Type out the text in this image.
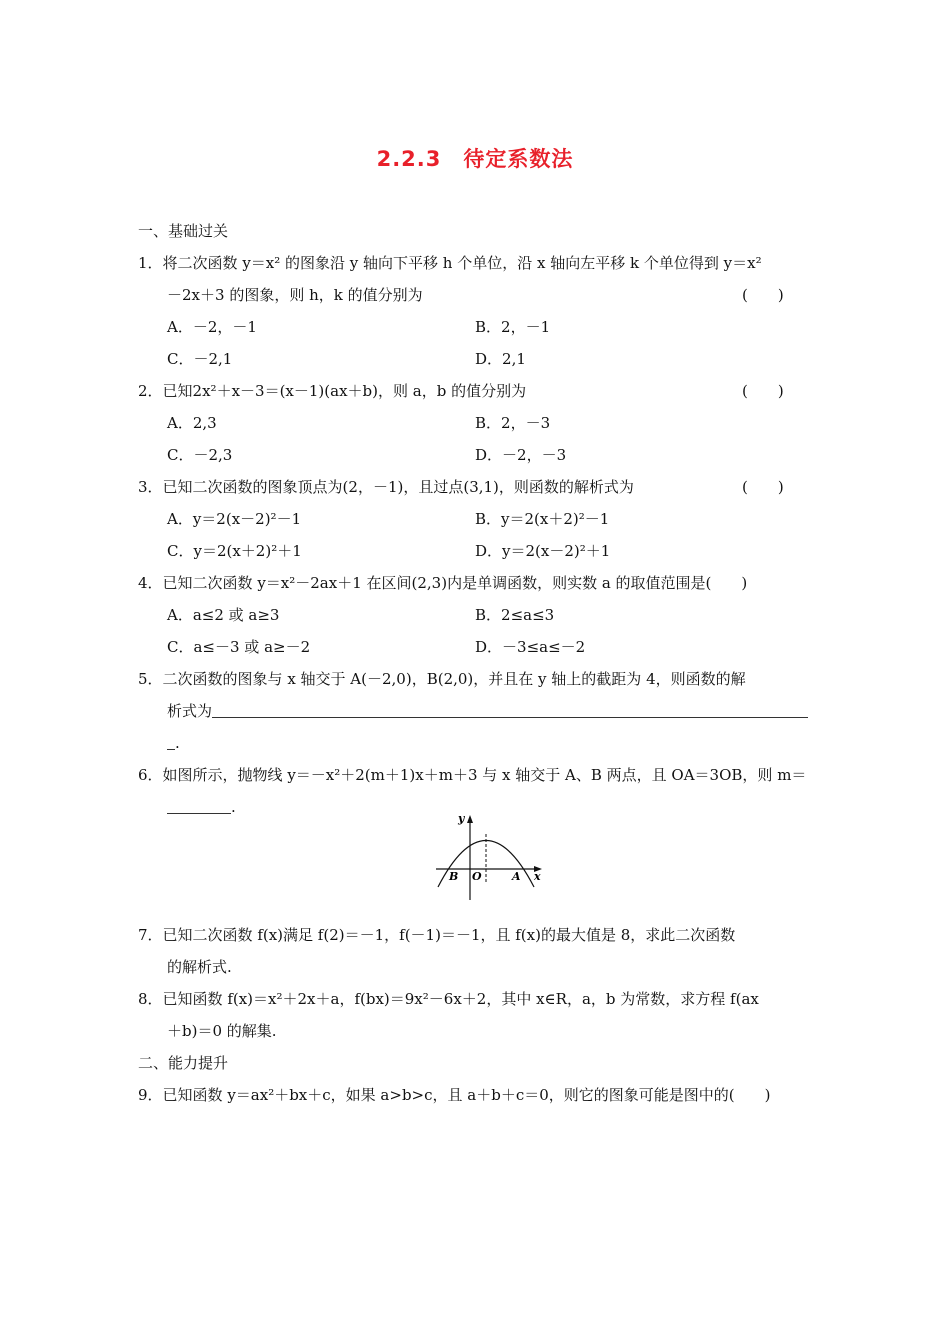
2.2.3 待定系数法
一、基础过关
1．将二次函数 y＝x² 的图象沿 y 轴向下平移 h 个单位，沿 x 轴向左平移 k 个单位得到 y＝x²
－2x＋3 的图象，则 h，k 的值分别为	(　　)
A．－2，－1	B．2，－1
C．－2,1	D．2,1
2．已知2x²＋x－3＝(x－1)(ax＋b)，则 a，b 的值分别为	(　　)
A．2,3	B．2，－3
C．－2,3	D．－2，－3
3．已知二次函数的图象顶点为(2，－1)，且过点(3,1)，则函数的解析式为	(　　)
A．y＝2(x－2)²－1	B．y＝2(x＋2)²－1
C．y＝2(x＋2)²＋1	D．y＝2(x－2)²＋1
4．已知二次函数 y＝x²－2ax＋1 在区间(2,3)内是单调函数，则实数 a 的取值范围是(　　)
A．a≤2 或 a≥3	B．2≤a≤3
C．a≤－3 或 a≥－2	D．－3≤a≤－2
5．二次函数的图象与 x 轴交于 A(－2,0)，B(2,0)，并且在 y 轴上的截距为 4，则函数的解
析式为
.
6．如图所示，抛物线 y＝－x²＋2(m＋1)x＋m＋3 与 x 轴交于 A、B 两点，且 OA＝3OB，则 m＝
.
y
x
B O	A
7．已知二次函数 f(x)满足 f(2)＝－1，f(－1)＝－1，且 f(x)的最大值是 8，求此二次函数
的解析式.
8．已知函数 f(x)＝x²＋2x＋a，f(bx)＝9x²－6x＋2，其中 x∈R，a，b 为常数，求方程 f(ax
＋b)＝0 的解集.
二、能力提升
9．已知函数 y＝ax²＋bx＋c，如果 a>b>c，且 a＋b＋c＝0，则它的图象可能是图中的(　　)
